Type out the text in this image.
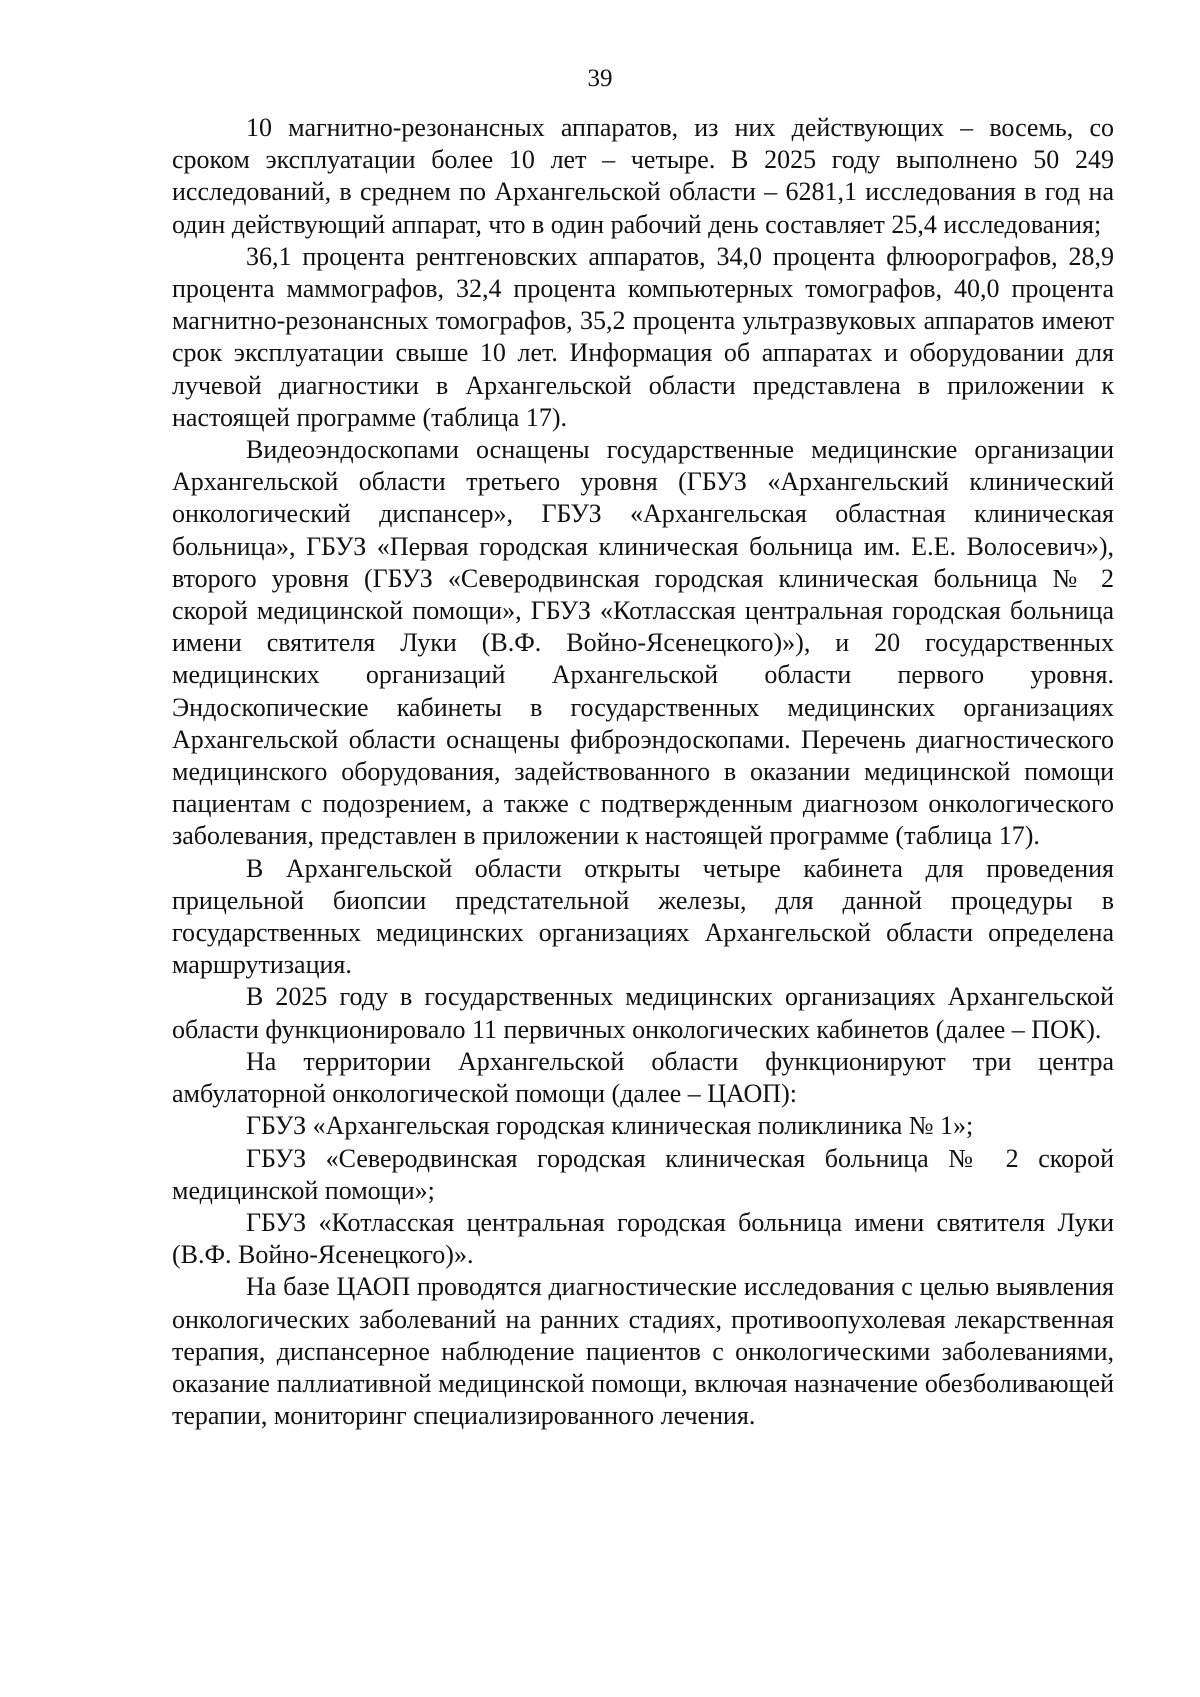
39

10 магнитно-резонансных аппаратов, из них действующих – восемь, со сроком эксплуатации более 10 лет – четыре. В 2025 году выполнено 50 249 исследований, в среднем по Архангельской области – 6281,1 исследования в год на один действующий аппарат, что в один рабочий день составляет 25,4 исследования;

36,1 процента рентгеновских аппаратов, 34,0 процента флюорографов, 28,9 процента маммографов, 32,4 процента компьютерных томографов, 40,0 процента магнитно-резонансных томографов, 35,2 процента ультразвуковых аппаратов имеют срок эксплуатации свыше 10 лет. Информация об аппаратах и оборудовании для лучевой диагностики в Архангельской области представлена в приложении к настоящей программе (таблица 17).

Видеоэндоскопами оснащены государственные медицинские организации Архангельской области третьего уровня (ГБУЗ «Архангельский клинический онкологический диспансер», ГБУЗ «Архангельская областная клиническая больница», ГБУЗ «Первая городская клиническая больница им. Е.Е. Волосевич»), второго уровня (ГБУЗ «Северодвинская городская клиническая больница № 2 скорой медицинской помощи», ГБУЗ «Котласская центральная городская больница имени святителя Луки (В.Ф. Войно-Ясенецкого)»), и 20 государственных медицинских организаций Архангельской области первого уровня. Эндоскопические кабинеты в государственных медицинских организациях Архангельской области оснащены фиброэндоскопами. Перечень диагностического медицинского оборудования, задействованного в оказании медицинской помощи пациентам с подозрением, а также с подтвержденным диагнозом онкологического заболевания, представлен в приложении к настоящей программе (таблица 17).

В Архангельской области открыты четыре кабинета для проведения прицельной биопсии предстательной железы, для данной процедуры в государственных медицинских организациях Архангельской области определена маршрутизация.

В 2025 году в государственных медицинских организациях Архангельской области функционировало 11 первичных онкологических кабинетов (далее – ПОК).

На территории Архангельской области функционируют три центра амбулаторной онкологической помощи (далее – ЦАОП):

ГБУЗ «Архангельская городская клиническая поликлиника № 1»;

ГБУЗ «Северодвинская городская клиническая больница № 2 скорой медицинской помощи»;

ГБУЗ «Котласская центральная городская больница имени святителя Луки (В.Ф. Войно-Ясенецкого)».

На базе ЦАОП проводятся диагностические исследования с целью выявления онкологических заболеваний на ранних стадиях, противоопухолевая лекарственная терапия, диспансерное наблюдение пациентов с онкологическими заболеваниями, оказание паллиативной медицинской помощи, включая назначение обезболивающей терапии, мониторинг специализированного лечения.
